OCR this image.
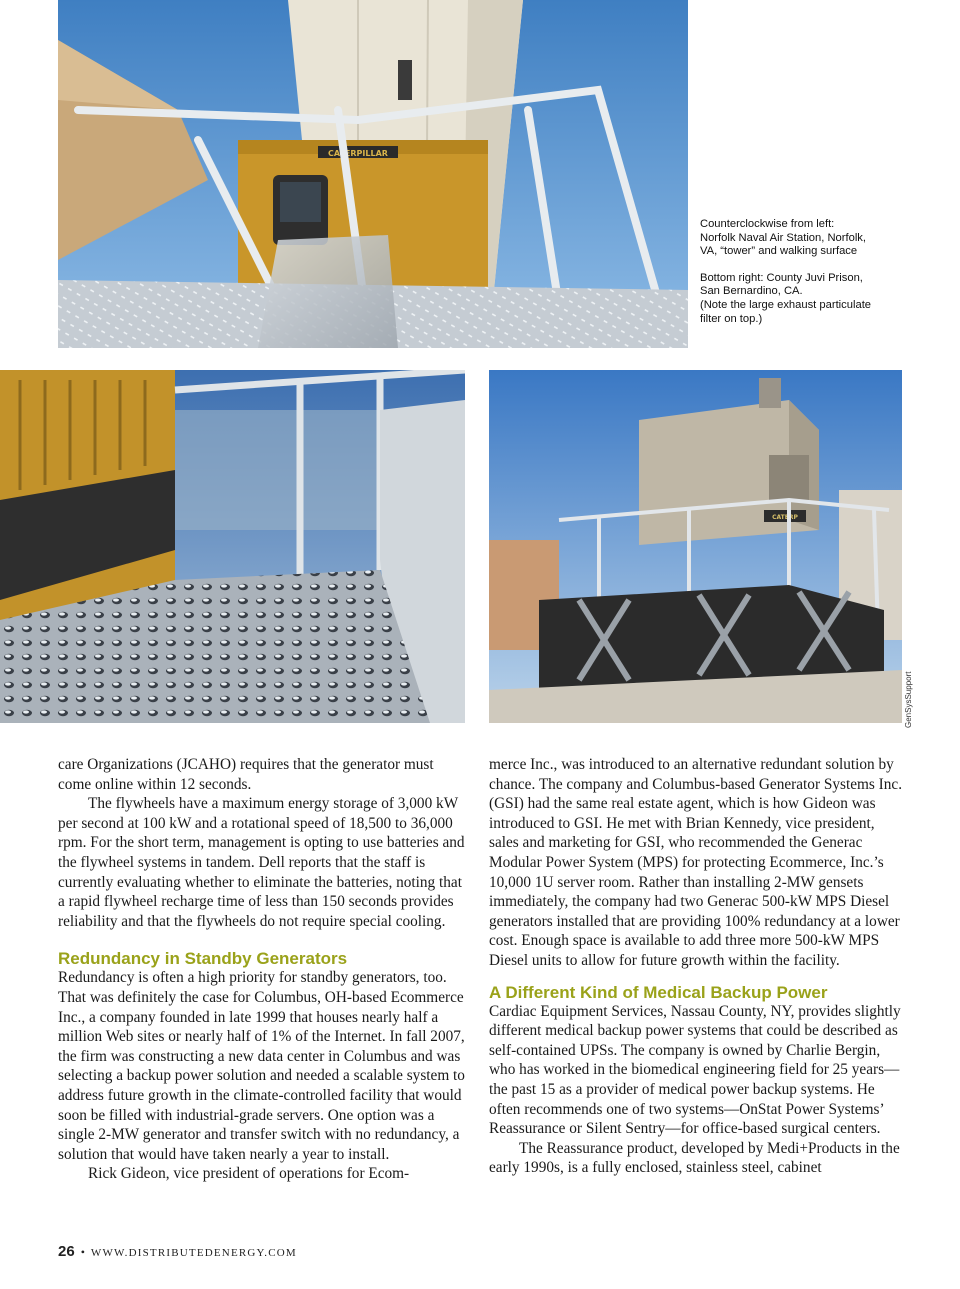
CATERPILLAR

Counterclockwise from left:
Norfolk Naval Air Station, Norfolk,
VA, “tower” and walking surface

Bottom right: County Juvi Prison,
San Bernardino, CA.
(Note the large exhaust particulate
filter on top.)

CATERP
GenSysSupport

care Organizations (JCAHO) requires that the generator must come online within 12 seconds.

The flywheels have a maximum energy storage of 3,000 kW per second at 100 kW and a rotational speed of 18,500 to 36,000 rpm. For the short term, management is opting to use batteries and the flywheel systems in tandem. Dell reports that the staff is currently evaluating whether to eliminate the batteries, noting that a rapid flywheel recharge time of less than 150 seconds provides reliability and that the flywheels do not require special cooling.

Redundancy in Standby Generators

Redundancy is often a high priority for standby generators, too. That was definitely the case for Columbus, OH-based Ecommerce Inc., a company founded in late 1999 that houses nearly half a million Web sites or nearly half of 1% of the Internet. In fall 2007, the firm was constructing a new data center in Columbus and was selecting a backup power solution and needed a scalable system to address future growth in the climate-controlled facility that would soon be filled with industrial-grade servers. One option was a single 2-MW generator and transfer switch with no redundancy, a solution that would have taken nearly a year to install.

Rick Gideon, vice president of operations for Ecom-

merce Inc., was introduced to an alternative redundant solution by chance. The company and Columbus-based Generator Systems Inc. (GSI) had the same real estate agent, which is how Gideon was introduced to GSI. He met with Brian Kennedy, vice president, sales and marketing for GSI, who recommended the Generac Modular Power System (MPS) for protecting Ecommerce, Inc.’s 10,000 1U server room. Rather than installing 2-MW gensets immediately, the company had two Generac 500-kW MPS Diesel generators installed that are providing 100% redundancy at a lower cost. Enough space is available to add three more 500-kW MPS Diesel units to allow for future growth within the facility.

A Different Kind of Medical Backup Power

Cardiac Equipment Services, Nassau County, NY, provides slightly different medical backup power systems that could be described as self-contained UPSs. The company is owned by Charlie Bergin, who has worked in the biomedical engineering field for 25 years—the past 15 as a provider of medical power backup systems. He often recommends one of two systems—OnStat Power Systems’ Reassurance or Silent Sentry—for office-based surgical centers.

The Reassurance product, developed by Medi+Products in the early 1990s, is a fully enclosed, stainless steel, cabinet

26 • WWW.DISTRIBUTEDENERGY.COM
